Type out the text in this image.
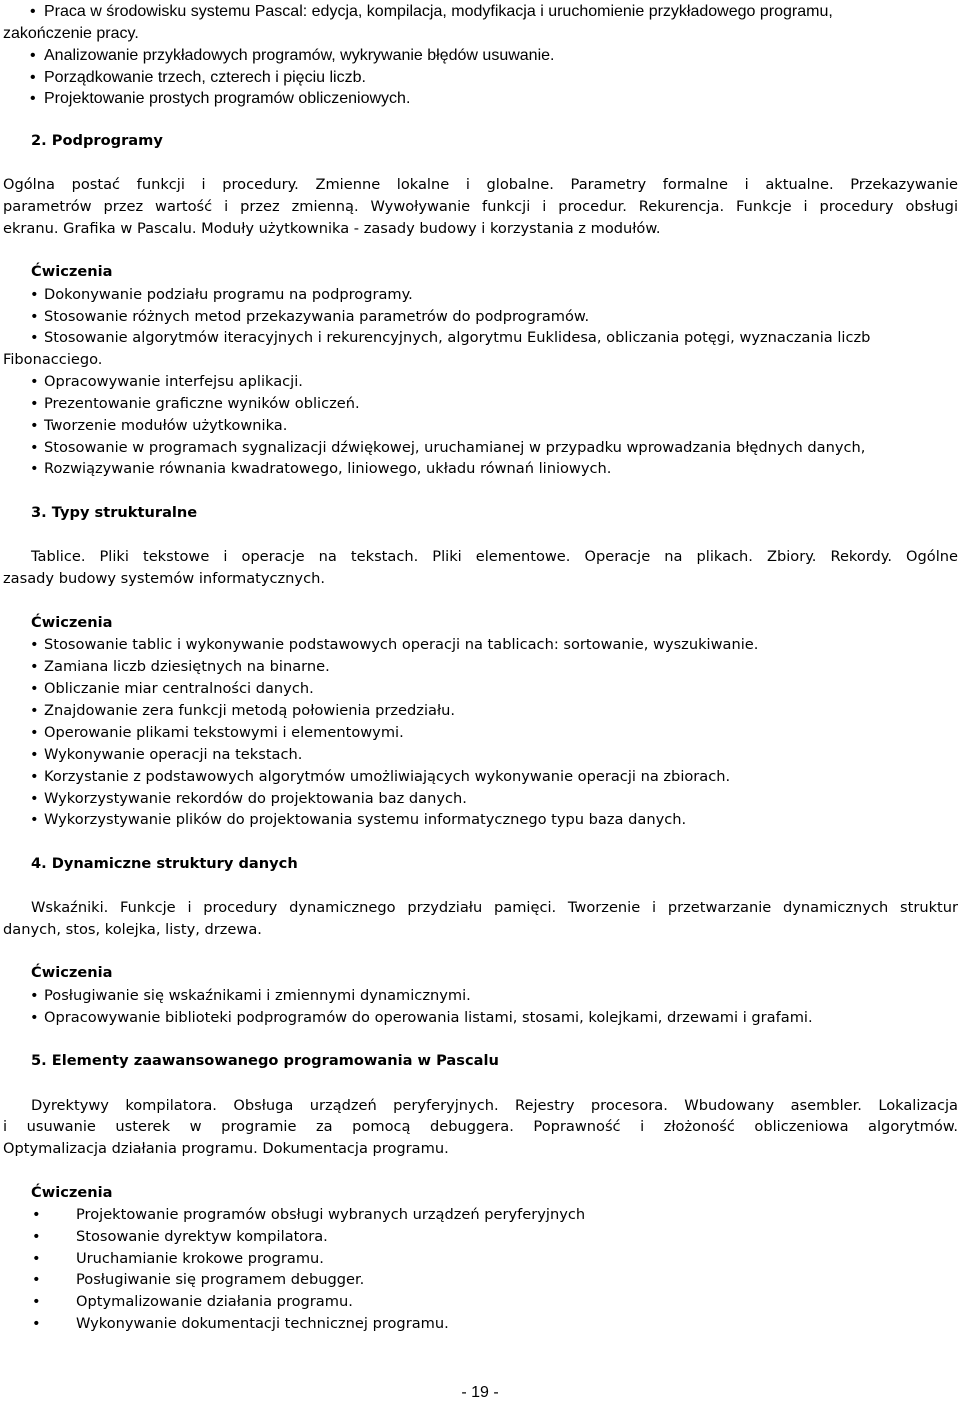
• Praca w środowisku systemu Pascal: edycja, kompilacja, modyfikacja i uruchomienie przykładowego programu,
zakończenie pracy.
• Analizowanie przykładowych programów, wykrywanie błędów usuwanie.
• Porządkowanie trzech, czterech i pięciu liczb.
• Projektowanie prostych programów obliczeniowych.
2. Podprogramy
Ogólna postać funkcji i procedury. Zmienne lokalne i globalne. Parametry formalne i aktualne. Przekazywanie
parametrów przez wartość i przez zmienną. Wywoływanie funkcji i procedur. Rekurencja. Funkcje i procedury obsługi
ekranu. Grafika w Pascalu. Moduły użytkownika - zasady budowy i korzystania z modułów.
Ćwiczenia
• Dokonywanie podziału programu na podprogramy.
• Stosowanie różnych metod przekazywania parametrów do podprogramów.
• Stosowanie algorytmów iteracyjnych i rekurencyjnych, algorytmu Euklidesa, obliczania potęgi, wyznaczania liczb
Fibonacciego.
• Opracowywanie interfejsu aplikacji.
• Prezentowanie graficzne wyników obliczeń.
• Tworzenie modułów użytkownika.
• Stosowanie w programach sygnalizacji dźwiękowej, uruchamianej w przypadku wprowadzania błędnych danych,
• Rozwiązywanie równania kwadratowego, liniowego, układu równań liniowych.
3. Typy strukturalne
Tablice. Pliki tekstowe i operacje na tekstach. Pliki elementowe. Operacje na plikach. Zbiory. Rekordy. Ogólne
zasady budowy systemów informatycznych.
Ćwiczenia
• Stosowanie tablic i wykonywanie podstawowych operacji na tablicach: sortowanie, wyszukiwanie.
• Zamiana liczb dziesiętnych na binarne.
• Obliczanie miar centralności danych.
• Znajdowanie zera funkcji metodą połowienia przedziału.
• Operowanie plikami tekstowymi i elementowymi.
• Wykonywanie operacji na tekstach.
• Korzystanie z podstawowych algorytmów umożliwiających wykonywanie operacji na zbiorach.
• Wykorzystywanie rekordów do projektowania baz danych.
• Wykorzystywanie plików do projektowania systemu informatycznego typu baza danych.
4. Dynamiczne struktury danych
Wskaźniki. Funkcje i procedury dynamicznego przydziału pamięci. Tworzenie i przetwarzanie dynamicznych struktur
danych, stos, kolejka, listy, drzewa.
Ćwiczenia
• Posługiwanie się wskaźnikami i zmiennymi dynamicznymi.
• Opracowywanie biblioteki podprogramów do operowania listami, stosami, kolejkami, drzewami i grafami.
5. Elementy zaawansowanego programowania w Pascalu
Dyrektywy kompilatora. Obsługa urządzeń peryferyjnych. Rejestry procesora. Wbudowany asembler. Lokalizacja
i usuwanie usterek w programie za pomocą debuggera. Poprawność i złożoność obliczeniowa algorytmów.
Optymalizacja działania programu. Dokumentacja programu.
Ćwiczenia
• Projektowanie programów obsługi wybranych urządzeń peryferyjnych
• Stosowanie dyrektyw kompilatora.
• Uruchamianie krokowe programu.
• Posługiwanie się programem debugger.
• Optymalizowanie działania programu.
• Wykonywanie dokumentacji technicznej programu.
- 19 -
